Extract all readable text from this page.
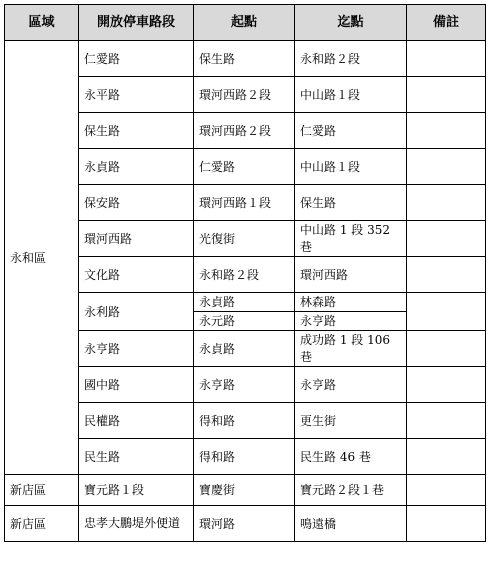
區域	開放停車路段	起點	迄點	備註
永和區	仁愛路	保生路	永和路２段	
	永平路	環河西路２段	中山路１段	
	保生路	環河西路２段	仁愛路	
	永貞路	仁愛路	中山路１段	
	保安路	環河西路１段	保生路	
	環河西路	光復街	中山路 1 段 352 巷	
	文化路	永和路２段	環河西路	
	永利路	永貞路	林森路	
		永元路	永亨路	
	永亨路	永貞路	成功路 1 段 106 巷	
	國中路	永亨路	永亨路	
	民權路	得和路	更生街	
	民生路	得和路	民生路 46 巷	
新店區	寶元路１段	寶慶街	寶元路２段１巷	
新店區	忠孝大鵬堤外便道	環河路	鳴遠橋	
